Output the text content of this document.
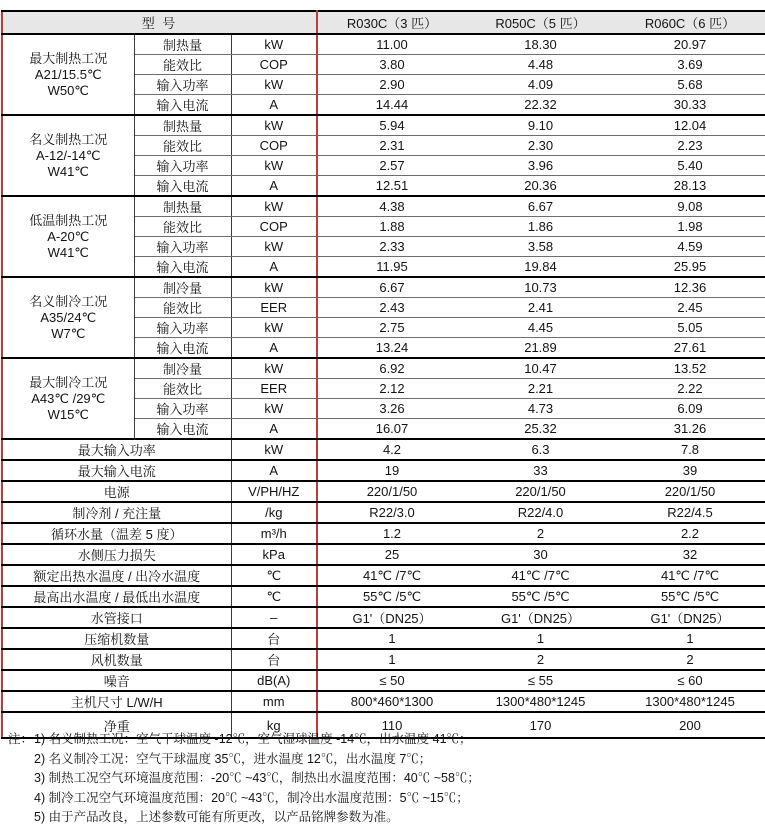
型 号			R030C（3 匹）	R050C（5 匹）	R060C（6 匹）

最大制热工况
A21/15.5℃
W50℃	制热量	kW	11.00	18.30	20.97
	能效比	COP	3.80	4.48	3.69
	输入功率	kW	2.90	4.09	5.68
	输入电流	A	14.44	22.32	30.33

名义制热工况
A-12/-14℃
W41℃	制热量	kW	5.94	9.10	12.04
	能效比	COP	2.31	2.30	2.23
	输入功率	kW	2.57	3.96	5.40
	输入电流	A	12.51	20.36	28.13

低温制热工况
A-20℃
W41℃	制热量	kW	4.38	6.67	9.08
	能效比	COP	1.88	1.86	1.98
	输入功率	kW	2.33	3.58	4.59
	输入电流	A	11.95	19.84	25.95

名义制冷工况
A35/24℃
W7℃	制冷量	kW	6.67	10.73	12.36
	能效比	EER	2.43	2.41	2.45
	输入功率	kW	2.75	4.45	5.05
	输入电流	A	13.24	21.89	27.61

最大制冷工况
A43℃ /29℃
W15℃	制冷量	kW	6.92	10.47	13.52
	能效比	EER	2.12	2.21	2.22
	输入功率	kW	3.26	4.73	6.09
	输入电流	A	16.07	25.32	31.26
最大输入功率		kW	4.2	6.3	7.8
最大输入电流		A	19	33	39
电源		V/PH/HZ	220/1/50	220/1/50	220/1/50
制冷剂 / 充注量		/kg	R22/3.0	R22/4.0	R22/4.5
循环水量（温差 5 度）		m³/h	1.2	2	2.2
水侧压力损失		kPa	25	30	32
额定出热水温度 / 出冷水温度		℃	41℃ /7℃	41℃ /7℃	41℃ /7℃
最高出水温度 / 最低出水温度		℃	55℃ /5℃	55℃ /5℃	55℃ /5℃
水管接口		–	G1'（DN25）	G1'（DN25）	G1'（DN25）
压缩机数量		台	1	1	1
风机数量		台	1	2	2
噪音		dB(A)	≤ 50	≤ 55	≤ 60
主机尺寸 L/W/H		mm	800*460*1300	1300*480*1245	1300*480*1245
净重		kg	110	170	200
注：1) 名义制热工况：空气干球温度 -12℃，空气湿球温度 -14℃，出水温度 41℃；
2) 名义制冷工况：空气干球温度 35℃，进水温度 12℃，出水温度 7℃；
3) 制热工况空气环境温度范围：-20℃ ~43℃，制热出水温度范围：40℃ ~58℃；
4) 制冷工况空气环境温度范围：20℃ ~43℃，制冷出水温度范围：5℃ ~15℃；
5) 由于产品改良，上述参数可能有所更改，以产品铭牌参数为准。
